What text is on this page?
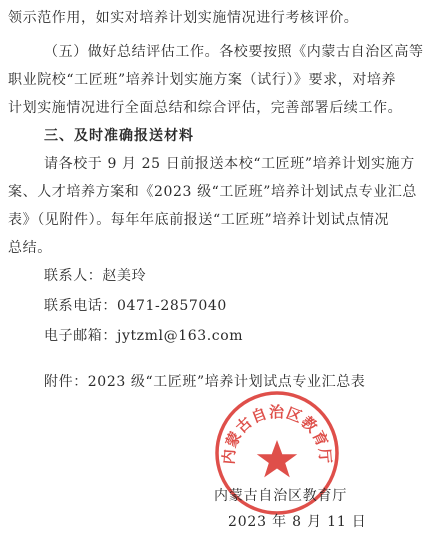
领示范作用，如实对培养计划实施情况进行考核评价。
（五）做好总结评估工作。各校要按照《内蒙古自治区高等
职业院校“工匠班”培养计划实施方案（试行）》要求，对培养
计划实施情况进行全面总结和综合评估，完善部署后续工作。
三、及时准确报送材料
请各校于 9 月 25 日前报送本校“工匠班”培养计划实施方
案、人才培养方案和《2023 级“工匠班”培养计划试点专业汇总
表》（见附件）。每年年底前报送“工匠班”培养计划试点情况
总结。
联系人：赵美玲
联系电话：0471-2857040
电子邮箱：jytzml@163.com
附件：2023 级“工匠班”培养计划试点专业汇总表
内蒙古自治区教育厅
内蒙古自治区教育厅
2023 年 8 月 11 日
